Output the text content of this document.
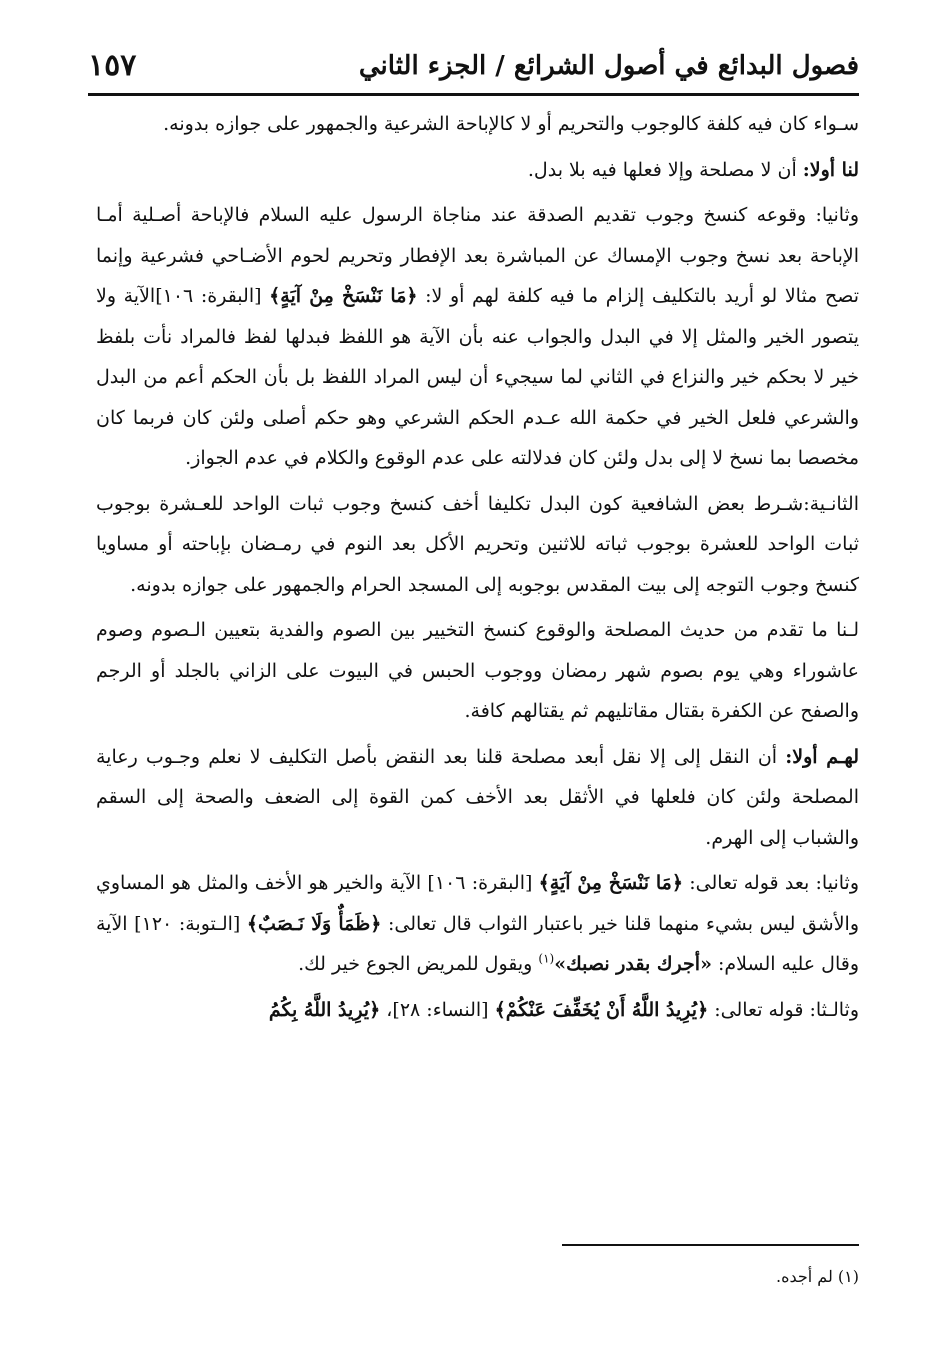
١٥٧	فصول البدائع في أصول الشرائع / الجزء الثاني

سـواء كان فيه كلفة كالوجوب والتحريم أو لا كالإباحة الشرعية والجمهور على جوازه بدونه.

لنا أولا: أن لا مصلحة وإلا فعلها فيه بلا بدل.

وثانيا: وقوعه كنسخ وجوب تقديم الصدقة عند مناجاة الرسول عليه السلام فالإباحة أصـلية أمـا الإباحة بعد نسخ وجوب الإمساك عن المباشرة بعد الإفطار وتحريم لحوم الأضـاحي فشرعية وإنما تصح مثالا لو أريد بالتكليف إلزام ما فيه كلفة لهم أو لا: ﴿مَا نَنْسَخْ مِنْ آيَةٍ﴾ [البقرة: ١٠٦]الآية ولا يتصور الخير والمثل إلا في البدل والجواب عنه بأن الآية هو اللفظ فبدلها لفظ فالمراد نأت بلفظ خير لا بحكم خير والنزاع في الثاني لما سيجيء أن ليس المراد اللفظ بل بأن الحكم أعم من البدل والشرعي فلعل الخير في حكمة الله عـدم الحكم الشرعي وهو حكم أصلى ولئن كان فربما كان مخصصا بما نسخ لا إلى بدل ولئن كان فدلالته على عدم الوقوع والكلام في عدم الجواز.

الثانـية:شـرط بعض الشافعية كون البدل تكليفا أخف كنسخ وجوب ثبات الواحد للعـشرة بوجوب ثبات الواحد للعشرة بوجوب ثباته للاثنين وتحريم الأكل بعد النوم في رمـضان بإباحته أو مساويا كنسخ وجوب التوجه إلى بيت المقدس بوجوبه إلى المسجد الحرام والجمهور على جوازه بدونه.

لـنا ما تقدم من حديث المصلحة والوقوع كنسخ التخيير بين الصوم والفدية بتعيين الـصوم وصوم عاشوراء وهي يوم بصوم شهر رمضان ووجوب الحبس في البيوت على الزاني بالجلد أو الرجم والصفح عن الكفرة بقتال مقاتليهم ثم يقتالهم كافة.

لهـم أولا: أن النقل إلى إلا نقل أبعد مصلحة قلنا بعد النقض بأصل التكليف لا نعلم وجـوب رعاية المصلحة ولئن كان فلعلها في الأثقل بعد الأخف كمن القوة إلى الضعف والصحة إلى السقم والشباب إلى الهرم.

وثانيا: بعد قوله تعالى: ﴿مَا نَنْسَخْ مِنْ آيَةٍ﴾ [البقرة: ١٠٦] الآية والخير هو الأخف والمثل هو المساوي والأشق ليس بشيء منهما قلنا خير باعتبار الثواب قال تعالى: ﴿ظَمَأٌ وَلَا نَـصَبٌ﴾ [الـتوبة: ١٢٠] الآية وقال عليه السلام: «أجرك بقدر نصبك»$^{(١)}$ ويقول للمريض الجوع خير لك.

وثالـثا: قوله تعالى: ﴿يُرِيدُ اللَّهُ أَنْ يُخَفِّفَ عَنْكُمْ﴾ [النساء: ٢٨]، ﴿يُرِيدُ اللَّهُ بِكُمُ

(١) لم أجده.
